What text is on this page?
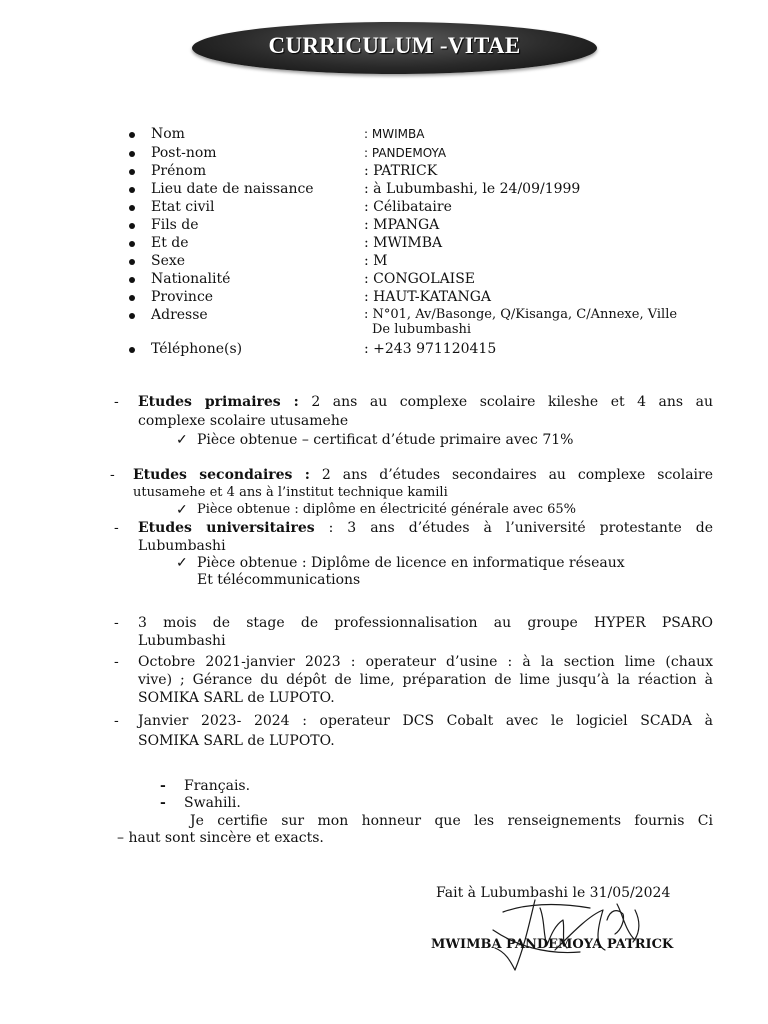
CURRICULUM -VITAE
Nom	: MWIMBA
Post-nom	: PANDEMOYA
Prénom	: PATRICK
Lieu date de naissance	: à Lubumbashi, le 24/09/1999
Etat civil	: Célibataire
Fils de	: MPANGA
Et de	: MWIMBA
Sexe	: M
Nationalité	: CONGOLAISE
Province	: HAUT-KATANGA
Adresse	: N°01, Av/Basonge, Q/Kisanga, C/Annexe, Ville
De lubumbashi
Téléphone(s)	: +243 971120415
- Etudes primaires : 2 ans au complexe scolaire kileshe et 4 ans au
complexe scolaire utusamehe
✓ Pièce obtenue – certificat d’étude primaire avec 71%
- Etudes secondaires : 2 ans d’études secondaires au complexe scolaire
utusamehe et 4 ans à l’institut technique kamili
✓ Pièce obtenue : diplôme en électricité générale avec 65%
- Etudes universitaires : 3 ans d’études à l’université protestante de
Lubumbashi
✓ Pièce obtenue : Diplôme de licence en informatique réseaux
Et télécommunications
- 3 mois de stage de professionnalisation au groupe HYPER PSARO
Lubumbashi
- Octobre 2021-janvier 2023 : operateur d’usine : à la section lime (chaux
vive) ; Gérance du dépôt de lime, préparation de lime jusqu’à la réaction à
SOMIKA SARL de LUPOTO.
- Janvier 2023- 2024 : operateur DCS Cobalt avec le logiciel SCADA à
SOMIKA SARL de LUPOTO.
- Français.
- Swahili.
Je certifie sur mon honneur que les renseignements fournis Ci
– haut sont sincère et exacts.
Fait à Lubumbashi le 31/05/2024
MWIMBA PANDEMOYA PATRICK
